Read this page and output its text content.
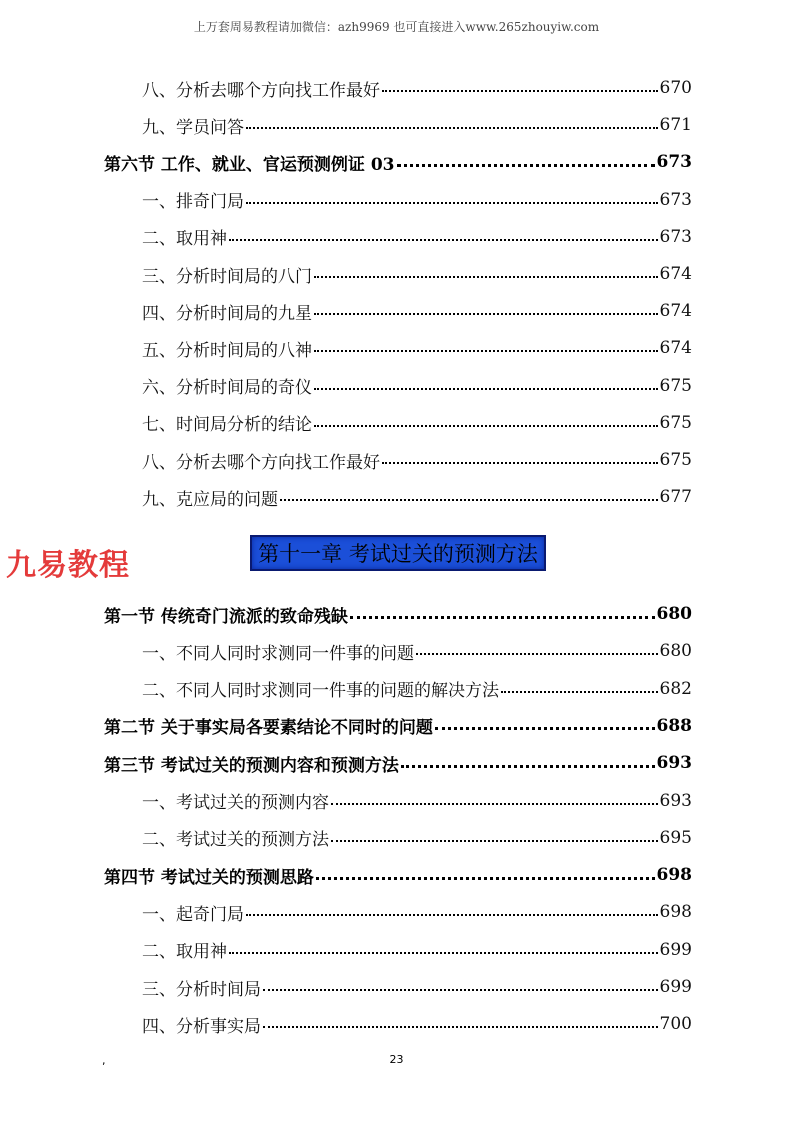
上万套周易教程请加微信：azh9969 也可直接进入www.265zhouyiw.com
八、分析去哪个方向找工作最好	670
九、学员问答	671
第六节 工作、就业、官运预测例证 03	673
一、排奇门局	673
二、取用神	673
三、分析时间局的八门	674
四、分析时间局的九星	674
五、分析时间局的八神	674
六、分析时间局的奇仪	675
七、时间局分析的结论	675
八、分析去哪个方向找工作最好	675
九、克应局的问题	677
九易教程	第十一章 考试过关的预测方法
第一节 传统奇门流派的致命残缺	680
一、不同人同时求测同一件事的问题	680
二、不同人同时求测同一件事的问题的解决方法	682
第二节 关于事实局各要素结论不同时的问题	688
第三节 考试过关的预测内容和预测方法	693
一、考试过关的预测内容	693
二、考试过关的预测方法	695
第四节 考试过关的预测思路	698
一、起奇门局	698
二、取用神	699
三、分析时间局	699
四、分析事实局	700
,	23
